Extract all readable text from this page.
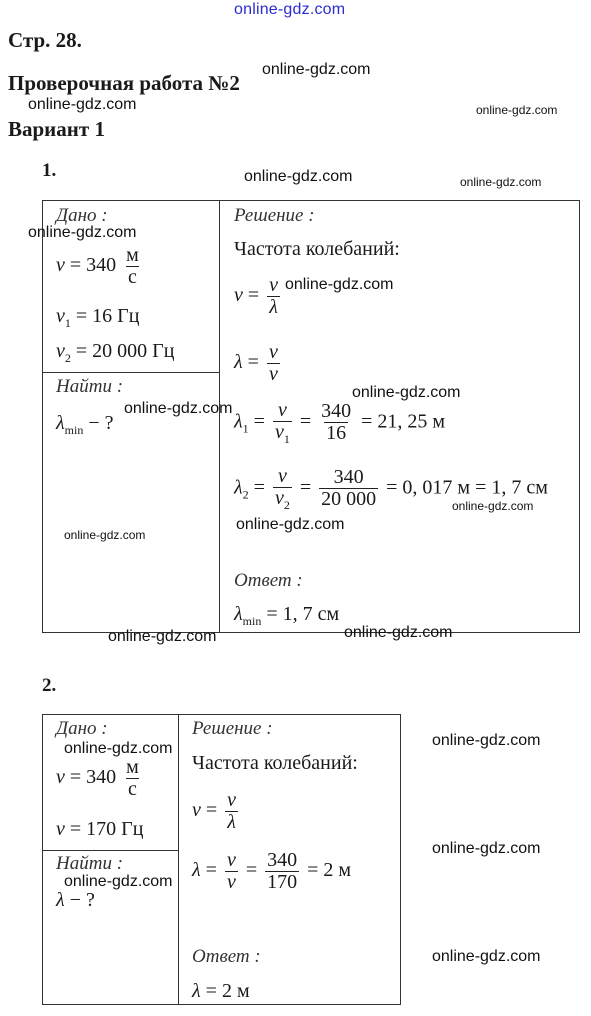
online-gdz.com
Стр. 28.
Проверочная работа №2
Вариант 1
1.
Дано :
$v = 340 \frac{м}{с}$
$\nu_1 = 16$ Гц
$\nu_2 = 20$ 000 Гц
Найти :
$\lambda_{min}$ − ?
Решение :
Частота колебаний:
$\nu = \frac{v}{\lambda}$
$\lambda = \frac{v}{\nu}$
$\lambda_1 = \frac{v}{\nu_1} = \frac{340}{16} = 21$, 25 м
$\lambda_2 = \frac{v}{\nu_2} = \frac{340}{20 000} = 0$, 017 м = 1, 7 см
Ответ :
$\lambda_{min} = 1$, 7 см
2.
Дано :
$v = 340 \frac{м}{с}$
ν = 170 Гц
Найти :
λ − ?
Решение :
Частота колебаний:
$\nu = \frac{v}{\lambda}$
$\lambda = \frac{v}{\nu} = \frac{340}{170} = 2$ м
Ответ :
λ = 2 м
online-gdz.com
online-gdz.com	online-gdz.com
online-gdz.com	online-gdz.com
online-gdz.com
online-gdz.com
online-gdz.com
online-gdz.com
online-gdz.com
online-gdz.com
online-gdz.com
online-gdz.com
online-gdz.com
online-gdz.com
online-gdz.com
online-gdz.com
online-gdz.com
online-gdz.com
